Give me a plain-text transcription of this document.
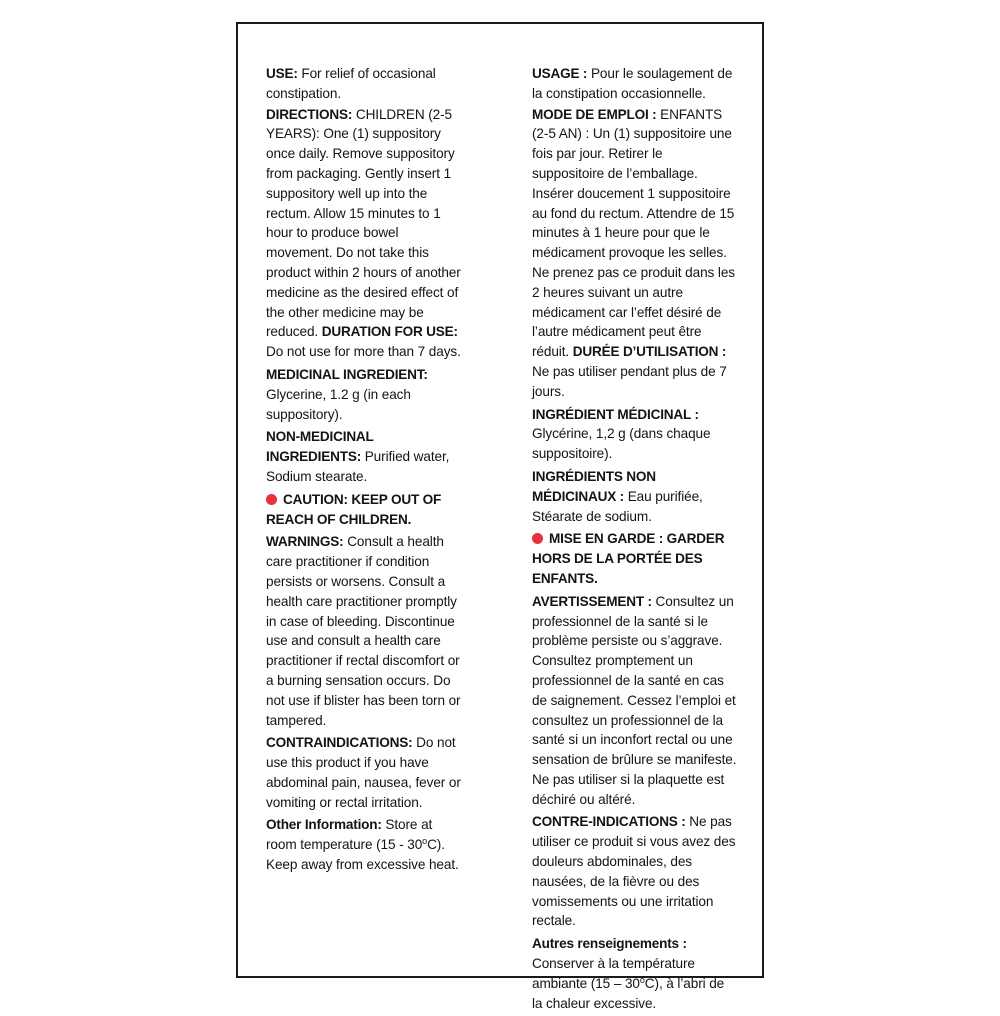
USE: For relief of occasional constipation.
DIRECTIONS: CHILDREN (2-5 YEARS): One (1) suppository once daily. Remove suppository from packaging. Gently insert 1 suppository well up into the rectum. Allow 15 minutes to 1 hour to produce bowel movement. Do not take this product within 2 hours of another medicine as the desired effect of the other medicine may be reduced. DURATION FOR USE: Do not use for more than 7 days.
MEDICINAL INGREDIENT: Glycerine, 1.2 g (in each suppository).
NON-MEDICINAL INGREDIENTS: Purified water, Sodium stearate.
CAUTION: KEEP OUT OF REACH OF CHILDREN.
WARNINGS: Consult a health care practitioner if condition persists or worsens. Consult a health care practitioner promptly in case of bleeding. Discontinue use and consult a health care practitioner if rectal discomfort or a burning sensation occurs. Do not use if blister has been torn or tampered.
CONTRAINDICATIONS: Do not use this product if you have abdominal pain, nausea, fever or vomiting or rectal irritation.
Other Information: Store at room temperature (15 - 30$^o$C). Keep away from excessive heat.
USAGE : Pour le soulagement de la constipation occasionnelle.
MODE DE EMPLOI : ENFANTS (2-5 AN) : Un (1) suppositoire une fois par jour. Retirer le suppositoire de l’emballage. Insérer doucement 1 suppositoire au fond du rectum. Attendre de 15 minutes à 1 heure pour que le médicament provoque les selles. Ne prenez pas ce produit dans les 2 heures suivant un autre médicament car l’effet désiré de l’autre médicament peut être réduit. DURÉE D’UTILISATION : Ne pas utiliser pendant plus de 7 jours.
INGRÉDIENT MÉDICINAL : Glycérine, 1,2 g (dans chaque suppositoire).
INGRÉDIENTS NON MÉDICINAUX : Eau purifiée, Stéarate de sodium.
MISE EN GARDE : GARDER HORS DE LA PORTÉE DES ENFANTS.
AVERTISSEMENT : Consultez un professionnel de la santé si le problème persiste ou s’aggrave. Consultez promptement un professionnel de la santé en cas de saignement. Cessez l’emploi et consultez un professionnel de la santé si un inconfort rectal ou une sensation de brûlure se manifeste. Ne pas utiliser si la plaquette est déchiré ou altéré.
CONTRE-INDICATIONS : Ne pas utiliser ce produit si vous avez des douleurs abdominales, des nausées, de la fièvre ou des vomissements ou une irritation rectale.
Autres renseignements : Conserver à la température ambiante (15 – 30$^o$C), à l’abri de la chaleur excessive.
